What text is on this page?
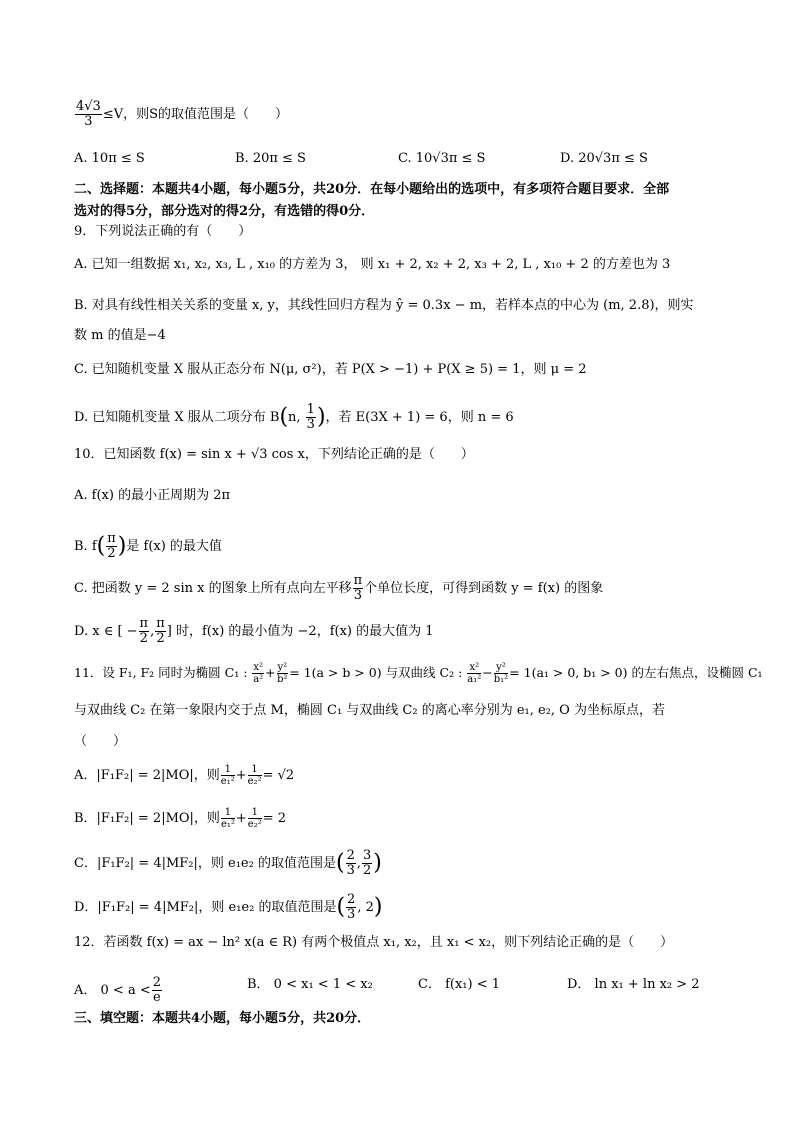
$\frac{4√3}{3} \le V$，则S的取值范围是（　　）
A. 10π ≤ S	B. 20π ≤ S	C. 10√3π ≤ S	D. 20√3π ≤ S
二、选择题：本题共4小题，每小题5分，共20分．在每小题给出的选项中，有多项符合题目要求．全部
选对的得5分，部分选对的得2分，有选错的得0分．
9．下列说法正确的有（　　）
A. 已知一组数据 x₁, x₂, x₃, L , x₁₀ 的方差为 3， 则 x₁ + 2, x₂ + 2, x₃ + 2, L , x₁₀ + 2 的方差也为 3
B. 对具有线性相关关系的变量 x, y，其线性回归方程为 ŷ = 0.3x − m，若样本点的中心为 (m, 2.8)，则实
数 m 的值是−4
C. 已知随机变量 X 服从正态分布 N(μ, σ²)，若 P(X > −1) + P(X ≥ 5) = 1，则 μ = 2
D. 已知随机变量 X 服从二项分布 B(n, $\frac{1}{3}$ )，若 E(3X + 1) = 6，则 n = 6
10．已知函数 f(x) = sin x + √3 cos x，下列结论正确的是（　　）
A. f(x) 的最小正周期为 2π
B. $f( \frac{\pi}{2}$ )是 f(x) 的最大值
C. 把函数 y = 2 sin x 的图象上所有点向左平移 $\frac{\pi}{3}$ 个单位长度，可得到函数 y = f(x) 的图象
D. x ∈ [ − $\frac{\pi}{2}$ , $\frac{\pi}{2}$ ] 时，f(x) 的最小值为 −2，f(x) 的最大值为 1
11．设 F₁, F₂ 同时为椭圆 C₁ : $\frac{\text{x²}}{\text{a²}} + \frac{\text{y²}}{\text{b²}} = 1(a > b > 0)$ 与双曲线 C₂ : $\frac{\text{x²}}{\text{a₁²}} - \frac{\text{y²}}{\text{b₁²}} = 1(a_1 > 0$, b₁ > 0) 的左右焦点，设椭圆 C₁
与双曲线 C₂ 在第一象限内交于点 M，椭圆 C₁ 与双曲线 C₂ 的离心率分别为 e₁, e₂, O 为坐标原点，若
（　　）
A．|F₁F₂| = 2|MO|，则 $\frac{1}{\text{e₁²}} + \frac{1}{\text{e₂²}} = √2$
B．|F₁F₂| = 2|MO|，则 $\frac{1}{\text{e₁²}} + \frac{1}{\text{e₂²}} = 2$
C．|F₁F₂| = 4|MF₂|，则 e₁e₂ 的取值范围是( $\frac{2}{3}$ , $\frac{3}{2}$ )
D．|F₁F₂| = 4|MF₂|，则 e₁e₂ 的取值范围是( $\frac{2}{3}$ , 2)
12．若函数 f(x) = ax − ln² x(a ∈ R) 有两个极值点 x₁, x₂，且 x₁ < x₂，则下列结论正确的是（　　）
A． $0 < a < \frac{2}{e}$	B． 0 < x₁ < 1 < x₂	C． f(x₁) < 1	D． ln x₁ + ln x₂ > 2
三、填空题：本题共4小题，每小题5分，共20分．
